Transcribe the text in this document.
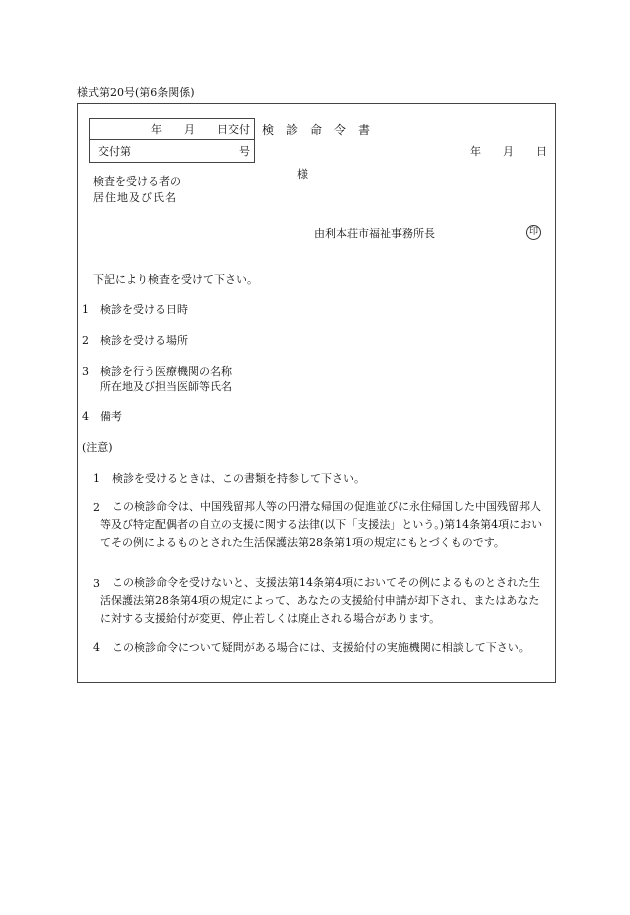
様式第20号(第6条関係)
年　　月　　日交付
交付第	号
検診命令書
年　　月　　日
検査を受ける者の
居住地及び氏名
様
由利本荘市福祉事務所長	印
下記により検査を受けて下さい。
1 検診を受ける日時
2 検診を受ける場所
3 検診を行う医療機関の名称
所在地及び担当医師等氏名
4 備考
(注意)
1 検診を受けるときは、この書類を持参して下さい。
2	この検診命令は、中国残留邦人等の円滑な帰国の促進並びに永住帰国した中国残留邦人等及び特定配偶者の自立の支援に関する法律(以下「支援法」という。)第14条第4項においてその例によるものとされた生活保護法第28条第1項の規定にもとづくものです。
3	この検診命令を受けないと、支援法第14条第4項においてその例によるものとされた生活保護法第28条第4項の規定によって、あなたの支援給付申請が却下され、またはあなたに対する支援給付が変更、停止若しくは廃止される場合があります。
4 この検診命令について疑問がある場合には、支援給付の実施機関に相談して下さい。
